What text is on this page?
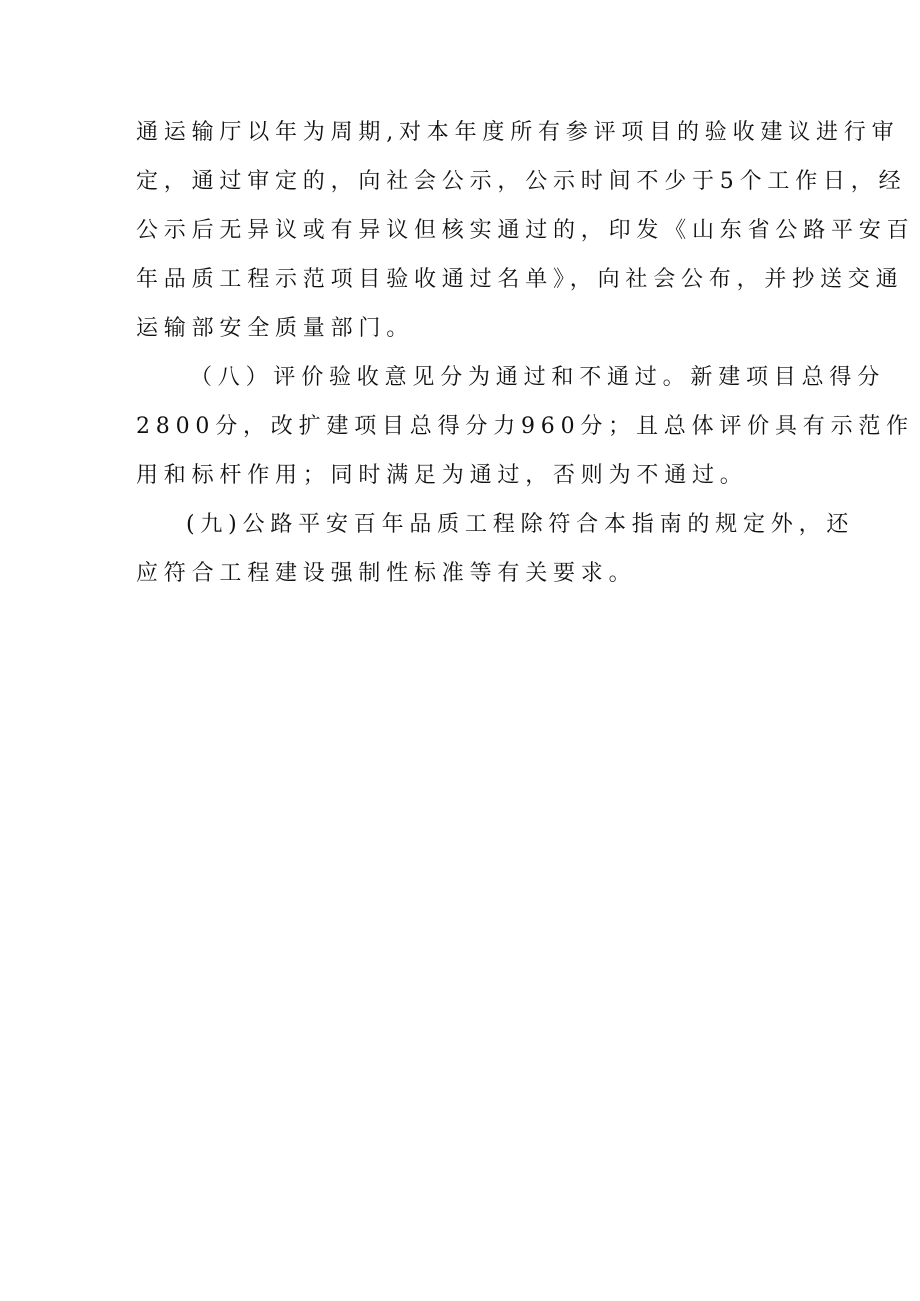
通运输厅以年为周期,对本年度所有参评项目的验收建议进行审
定，通过审定的，向社会公示，公示时间不少于5个工作日，经
公示后无异议或有异议但核实通过的，印发《山东省公路平安百
年品质工程示范项目验收通过名单》，向社会公布，并抄送交通
运输部安全质量部门。
（八）评价验收意见分为通过和不通过。新建项目总得分
2800分，改扩建项目总得分力960分；且总体评价具有示范作
用和标杆作用；同时满足为通过，否则为不通过。
(九)公路平安百年品质工程除符合本指南的规定外，还
应符合工程建设强制性标准等有关要求。
